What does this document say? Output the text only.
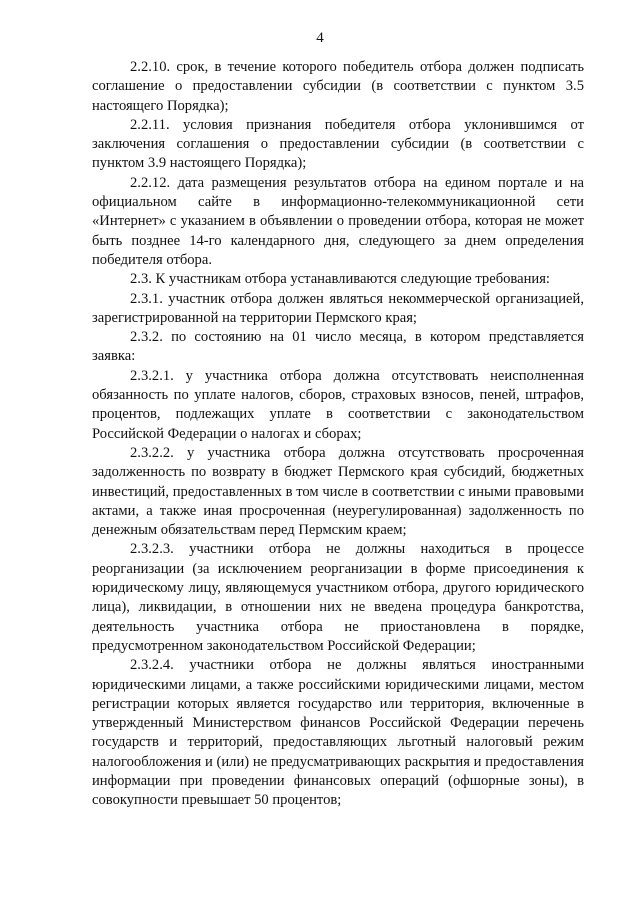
4

2.2.10. срок, в течение которого победитель отбора должен подписать соглашение о предоставлении субсидии (в соответствии с пунктом 3.5 настоящего Порядка);

2.2.11. условия признания победителя отбора уклонившимся от заключения соглашения о предоставлении субсидии (в соответствии с пунктом 3.9 настоящего Порядка);

2.2.12. дата размещения результатов отбора на едином портале и на официальном сайте в информационно-телекоммуникационной сети «Интернет» с указанием в объявлении о проведении отбора, которая не может быть позднее 14-го календарного дня, следующего за днем определения победителя отбора.

2.3. К участникам отбора устанавливаются следующие требования:

2.3.1. участник отбора должен являться некоммерческой организацией, зарегистрированной на территории Пермского края;

2.3.2. по состоянию на 01 число месяца, в котором представляется заявка:

2.3.2.1. у участника отбора должна отсутствовать неисполненная обязанность по уплате налогов, сборов, страховых взносов, пеней, штрафов, процентов, подлежащих уплате в соответствии с законодательством Российской Федерации о налогах и сборах;

2.3.2.2. у участника отбора должна отсутствовать просроченная задолженность по возврату в бюджет Пермского края субсидий, бюджетных инвестиций, предоставленных в том числе в соответствии с иными правовыми актами, а также иная просроченная (неурегулированная) задолженность по денежным обязательствам перед Пермским краем;

2.3.2.3. участники отбора не должны находиться в процессе реорганизации (за исключением реорганизации в форме присоединения к юридическому лицу, являющемуся участником отбора, другого юридического лица), ликвидации, в отношении них не введена процедура банкротства, деятельность участника отбора не приостановлена в порядке, предусмотренном законодательством Российской Федерации;

2.3.2.4. участники отбора не должны являться иностранными юридическими лицами, а также российскими юридическими лицами, местом регистрации которых является государство или территория, включенные в утвержденный Министерством финансов Российской Федерации перечень государств и территорий, предоставляющих льготный налоговый режим налогообложения и (или) не предусматривающих раскрытия и предоставления информации при проведении финансовых операций (офшорные зоны), в совокупности превышает 50 процентов;
